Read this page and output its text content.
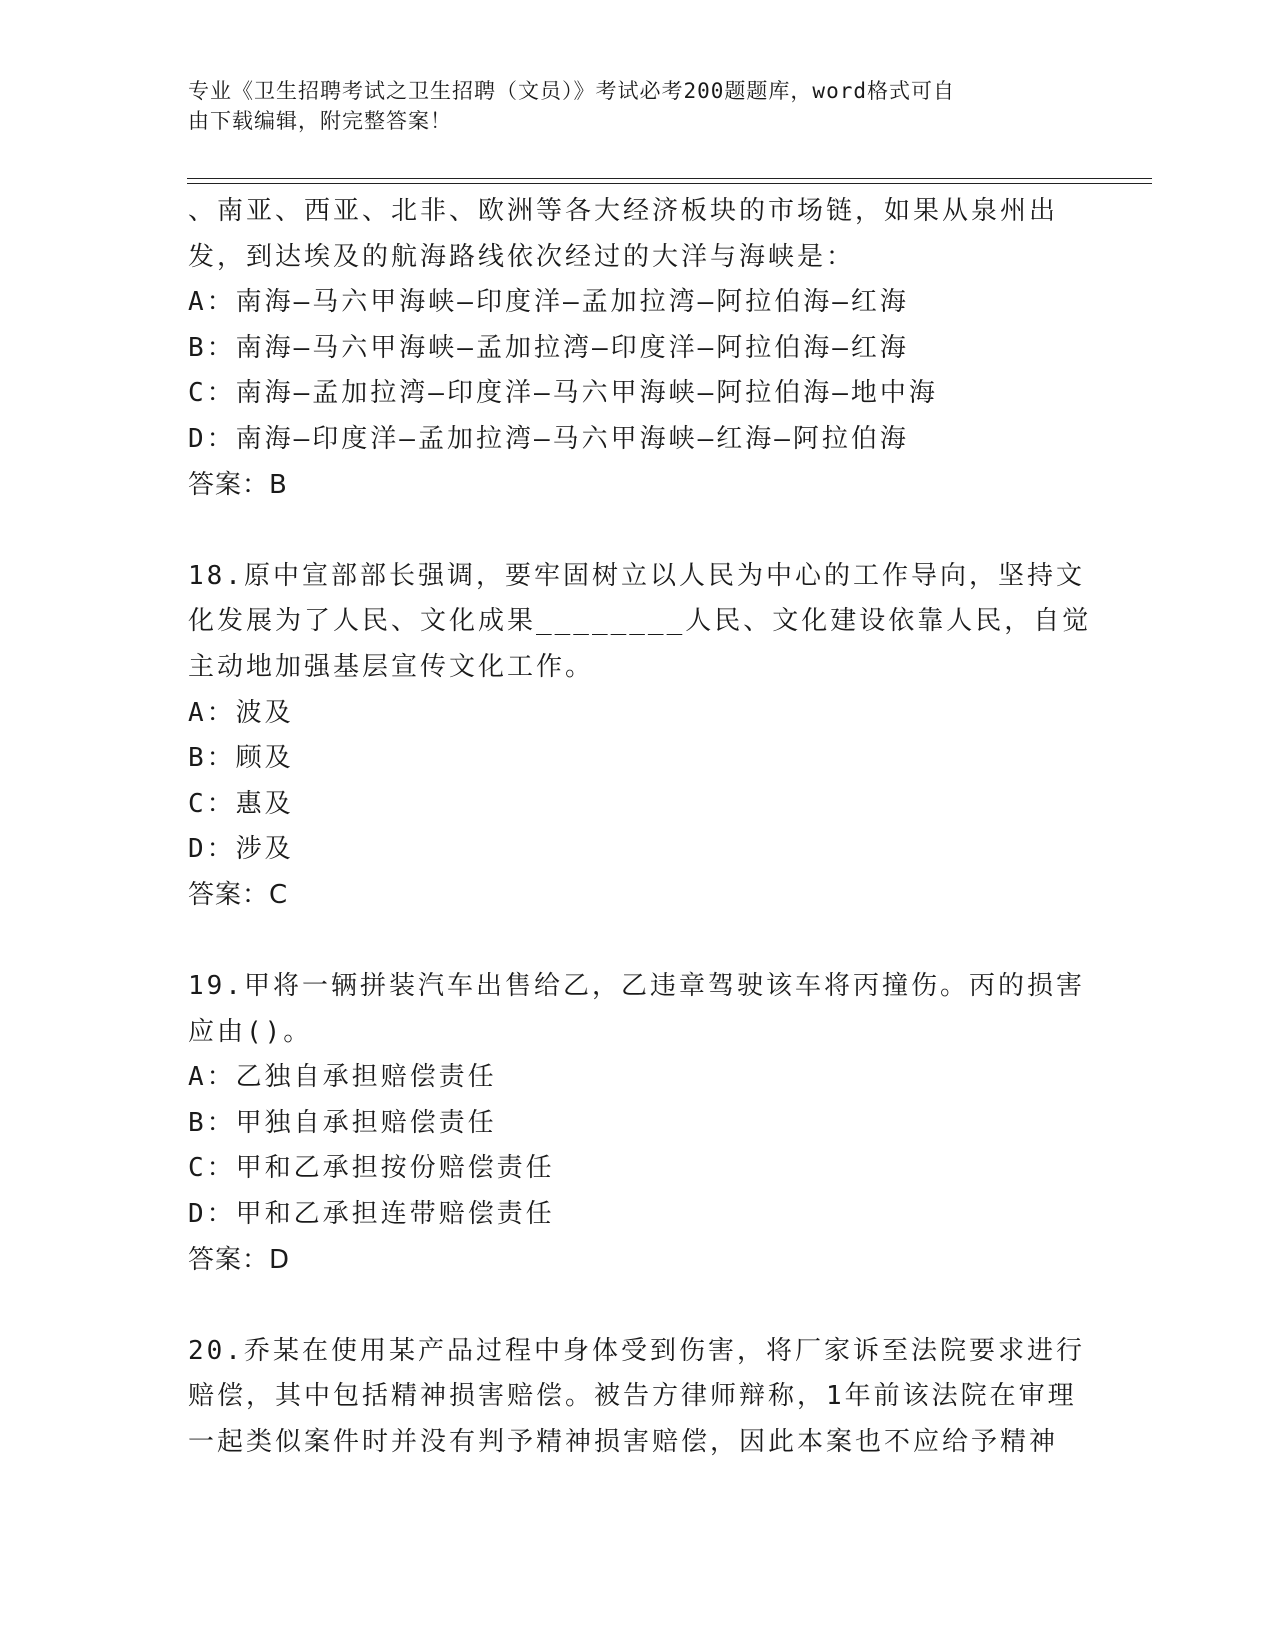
专业《卫生招聘考试之卫生招聘（文员）》考试必考200题题库，word格式可自
由下载编辑，附完整答案！
、南亚、西亚、北非、欧洲等各大经济板块的市场链，如果从泉州出
发，到达埃及的航海路线依次经过的大洋与海峡是：
A：南海—马六甲海峡—印度洋—孟加拉湾—阿拉伯海—红海
B：南海—马六甲海峡—孟加拉湾—印度洋—阿拉伯海—红海
C：南海—孟加拉湾—印度洋—马六甲海峡—阿拉伯海—地中海
D：南海—印度洋—孟加拉湾—马六甲海峡—红海—阿拉伯海
答案：B
18.原中宣部部长强调，要牢固树立以人民为中心的工作导向，坚持文
化发展为了人民、文化成果________人民、文化建设依靠人民，自觉
主动地加强基层宣传文化工作。
A：波及
B：顾及
C：惠及
D：涉及
答案：C
19.甲将一辆拼装汽车出售给乙，乙违章驾驶该车将丙撞伤。丙的损害
应由()。
A：乙独自承担赔偿责任
B：甲独自承担赔偿责任
C：甲和乙承担按份赔偿责任
D：甲和乙承担连带赔偿责任
答案：D
20.乔某在使用某产品过程中身体受到伤害，将厂家诉至法院要求进行
赔偿，其中包括精神损害赔偿。被告方律师辩称，1年前该法院在审理
一起类似案件时并没有判予精神损害赔偿，因此本案也不应给予精神
